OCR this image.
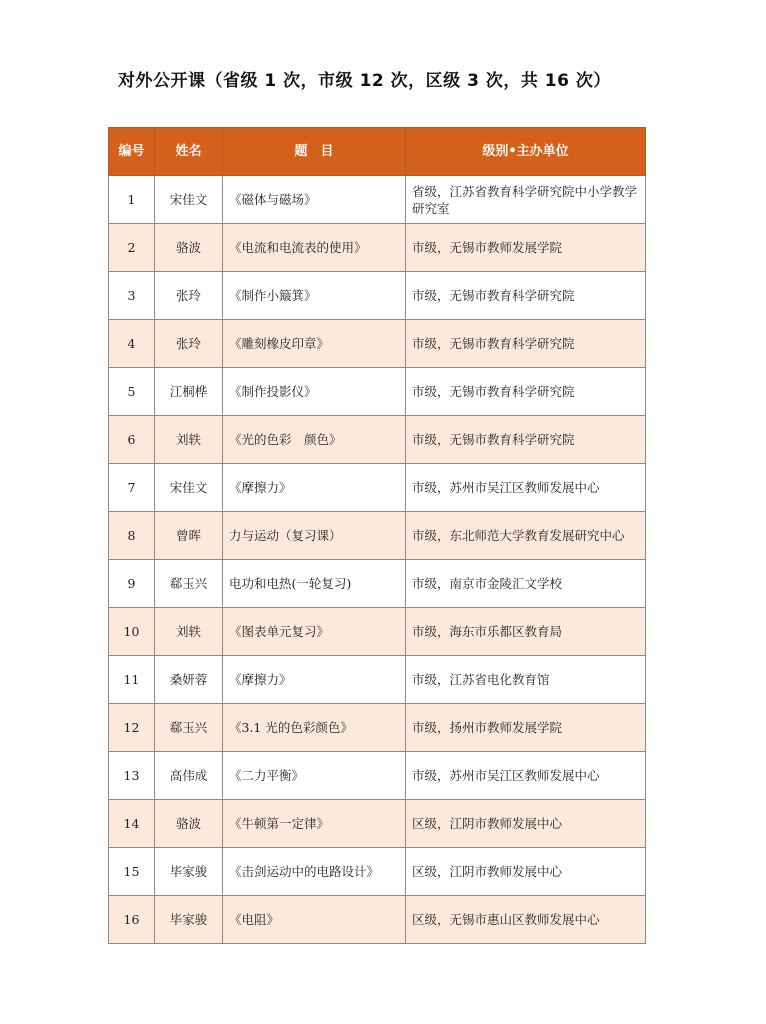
对外公开课（省级 1 次，市级 12 次，区级 3 次，共 16 次）
编号	姓名	题　目	级别•主办单位
1	宋佳文	《磁体与磁场》	省级，江苏省教育科学研究院中小学教学研究室
2	骆波	《电流和电流表的使用》	市级，无锡市教师发展学院
3	张玲	《制作小簸箕》	市级，无锡市教育科学研究院
4	张玲	《雕刻橡皮印章》	市级，无锡市教育科学研究院
5	江桐桦	《制作投影仪》	市级，无锡市教育科学研究院
6	刘轶	《光的色彩　颜色》	市级，无锡市教育科学研究院
7	宋佳文	《摩擦力》	市级，苏州市吴江区教师发展中心
8	曾晖	力与运动（复习课）	市级，东北师范大学教育发展研究中心
9	郗玉兴	电功和电热(一轮复习)	市级，南京市金陵汇文学校
10	刘轶	《图表单元复习》	市级，海东市乐都区教育局
11	桑妍蓉	《摩擦力》	市级，江苏省电化教育馆
12	郗玉兴	《3.1 光的色彩颜色》	市级，扬州市教师发展学院
13	高伟成	《二力平衡》	市级，苏州市吴江区教师发展中心
14	骆波	《牛顿第一定律》	区级，江阴市教师发展中心
15	毕家骏	《击剑运动中的电路设计》	区级，江阴市教师发展中心
16	毕家骏	《电阻》	区级，无锡市惠山区教师发展中心
